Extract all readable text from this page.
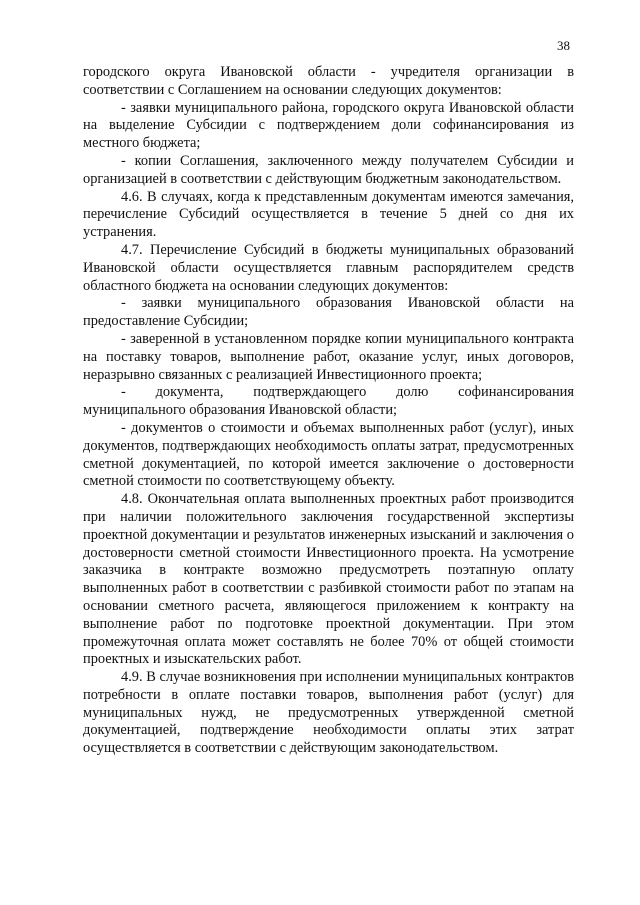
38

городского округа Ивановской области - учредителя организации в соответствии с Соглашением на основании следующих документов:

- заявки муниципального района, городского округа Ивановской области на выделение Субсидии с подтверждением доли софинансирования из местного бюджета;

- копии Соглашения, заключенного между получателем Субсидии и организацией в соответствии с действующим бюджетным законодательством.

4.6. В случаях, когда к представленным документам имеются замечания, перечисление Субсидий осуществляется в течение 5 дней со дня их устранения.

4.7. Перечисление Субсидий в бюджеты муниципальных образований Ивановской области осуществляется главным распорядителем средств областного бюджета на основании следующих документов:

- заявки муниципального образования Ивановской области на предоставление Субсидии;

- заверенной в установленном порядке копии муниципального контракта на поставку товаров, выполнение работ, оказание услуг, иных договоров, неразрывно связанных с реализацией Инвестиционного проекта;

- документа, подтверждающего долю софинансирования муниципального образования Ивановской области;

- документов о стоимости и объемах выполненных работ (услуг), иных документов, подтверждающих необходимость оплаты затрат, предусмотренных сметной документацией, по которой имеется заключение о достоверности сметной стоимости по соответствующему объекту.

4.8. Окончательная оплата выполненных проектных работ производится при наличии положительного заключения государственной экспертизы проектной документации и результатов инженерных изысканий и заключения о достоверности сметной стоимости Инвестиционного проекта. На усмотрение заказчика в контракте возможно предусмотреть поэтапную оплату выполненных работ в соответствии с разбивкой стоимости работ по этапам на основании сметного расчета, являющегося приложением к контракту на выполнение работ по подготовке проектной документации. При этом промежуточная оплата может составлять не более 70% от общей стоимости проектных и изыскательских работ.

4.9. В случае возникновения при исполнении муниципальных контрактов потребности в оплате поставки товаров, выполнения работ (услуг) для муниципальных нужд, не предусмотренных утвержденной сметной документацией, подтверждение необходимости оплаты этих затрат осуществляется в соответствии с действующим законодательством.
